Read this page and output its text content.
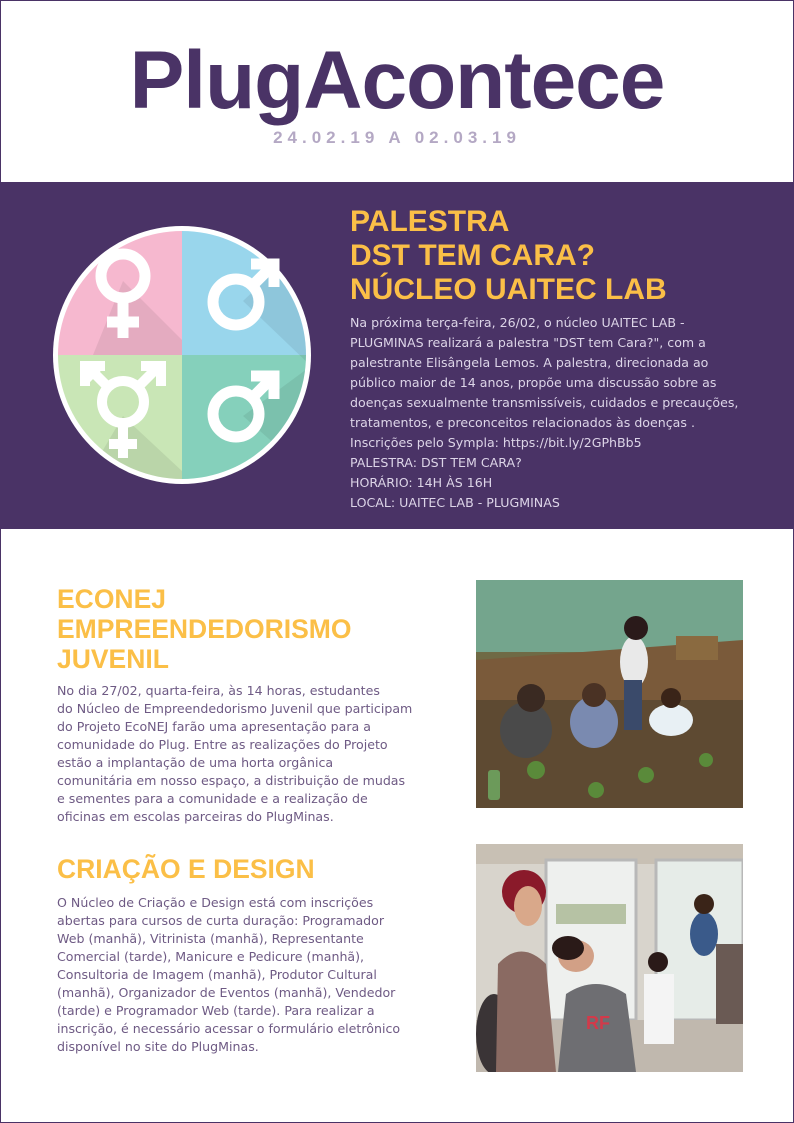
PlugAcontece
24.02.19 A 02.03.19
PALESTRA
DST TEM CARA?
NÚCLEO UAITEC LAB

Na próxima terça-feira, 26/02, o núcleo UAITEC LAB -

PLUGMINAS realizará a palestra "DST tem Cara?", com a

palestrante Elisângela Lemos. A palestra, direcionada ao

público maior de 14 anos, propõe uma discussão sobre as

doenças sexualmente transmissíveis, cuidados e precauções,

tratamentos, e preconceitos relacionados às doenças .

Inscrições pelo Sympla: https://bit.ly/2GPhBb5

PALESTRA: DST TEM CARA?

HORÁRIO: 14H ÀS 16H

LOCAL: UAITEC LAB - PLUGMINAS

ECONEJ
EMPREENDEDORISMO
JUVENIL

No dia 27/02, quarta-feira, às 14 horas, estudantes

do Núcleo de Empreendedorismo Juvenil que participam

do Projeto EcoNEJ farão uma apresentação para a

comunidade do Plug. Entre as realizações do Projeto

estão a implantação de uma horta orgânica

comunitária em nosso espaço, a distribuição de mudas

e sementes para a comunidade e a realização de

oficinas em escolas parceiras do PlugMinas.

CRIAÇÃO E DESIGN

O Núcleo de Criação e Design está com inscrições

abertas para cursos de curta duração: Programador

Web (manhã), Vitrinista (manhã), Representante

Comercial (tarde), Manicure e Pedicure (manhã),

Consultoria de Imagem (manhã), Produtor Cultural

(manhã), Organizador de Eventos (manhã), Vendedor

(tarde) e Programador Web (tarde). Para realizar a

inscrição, é necessário acessar o formulário eletrônico

disponível no site do PlugMinas.

RF
